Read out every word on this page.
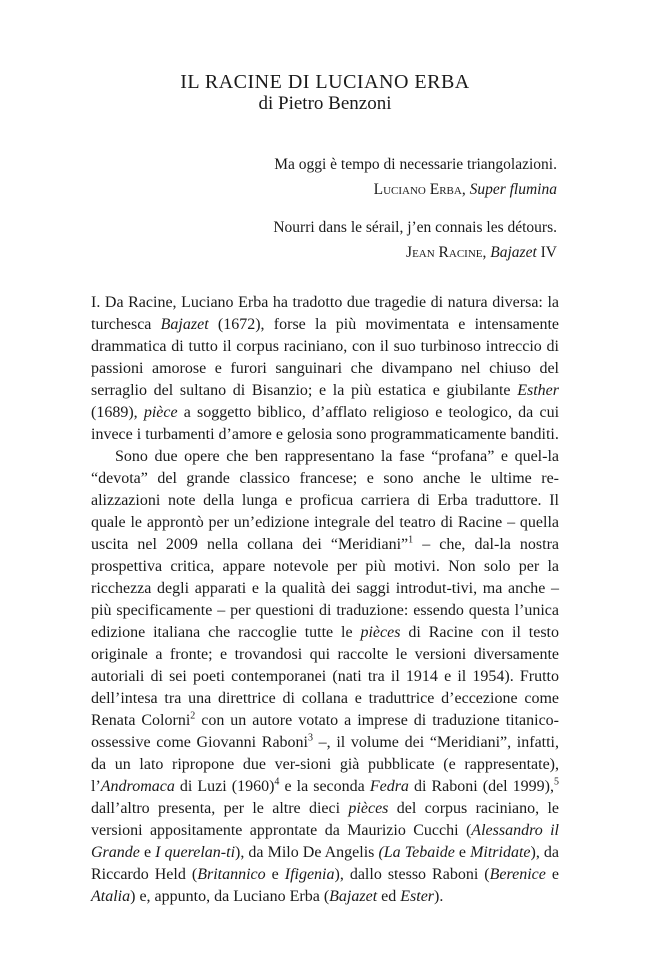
IL RACINE DI LUCIANO ERBA
di Pietro Benzoni
Ma oggi è tempo di necessarie triangolazioni.
Luciano Erba, Super flumina
Nourri dans le sérail, j’en connais les détours.
Jean Racine, Bajazet IV

I. Da Racine, Luciano Erba ha tradotto due tragedie di natura diversa: la turchesca Bajazet (1672), forse la più movimentata e intensamente drammatica di tutto il corpus raciniano, con il suo turbinoso intreccio di passioni amorose e furori sanguinari che divampano nel chiuso del serraglio del sultano di Bisanzio; e la più estatica e giubilante Esther (1689), pièce a soggetto biblico, d’afflato religioso e teologico, da cui invece i turbamenti d’amore e gelosia sono programmaticamente banditi.

Sono due opere che ben rappresentano la fase “profana” e quel-la “devota” del grande classico francese; e sono anche le ultime re-alizzazioni note della lunga e proficua carriera di Erba traduttore. Il quale le approntò per un’edizione integrale del teatro di Racine – quella uscita nel 2009 nella collana dei “Meridiani”$^1$ – che, dal-la nostra prospettiva critica, appare notevole per più motivi. Non solo per la ricchezza degli apparati e la qualità dei saggi introdut-tivi, ma anche – più specificamente – per questioni di traduzione: essendo questa l’unica edizione italiana che raccoglie tutte le pièces di Racine con il testo originale a fronte; e trovandosi qui raccolte le versioni diversamente autoriali di sei poeti contemporanei (nati tra il 1914 e il 1954). Frutto dell’intesa tra una direttrice di collana e traduttrice d’eccezione come Renata Colorni$^2$ con un autore votato a imprese di traduzione titanico-ossessive come Giovanni Raboni$^3$ –, il volume dei “Meridiani”, infatti, da un lato ripropone due ver-sioni già pubblicate (e rappresentate), l’Andromaca di Luzi (1960)$^4$ e la seconda Fedra di Raboni (del 1999),$^5$ dall’altro presenta, per le altre dieci pièces del corpus raciniano, le versioni appositamente approntate da Maurizio Cucchi (Alessandro il Grande e I querelan-ti), da Milo De Angelis (La Tebaide e Mitridate), da Riccardo Held (Britannico e Ifigenia), dallo stesso Raboni (Berenice e Atalia) e, appunto, da Luciano Erba (Bajazet ed Ester).
